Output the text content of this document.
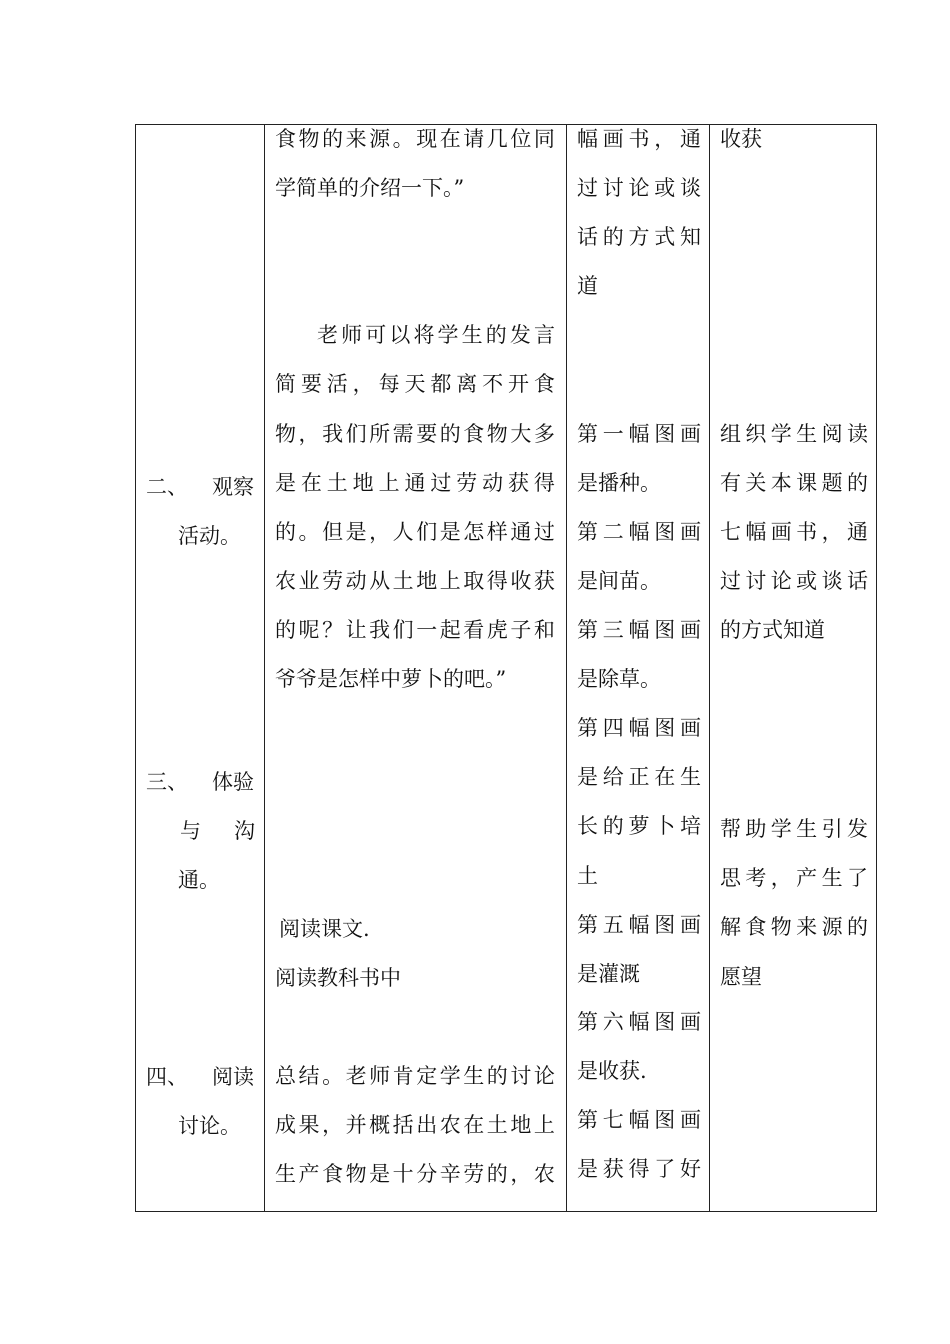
二、 观察
活动。
三、 体验
与 沟
通。
四、 阅读
讨论。
食 物 的 来 源 。 现 在 请 几 位 同
学简单的介绍一下。”
老 师 可 以 将 学 生 的 发 言
简 要 活 ， 每 天 都 离 不 开 食
物 ， 我 们 所 需 要 的 食 物 大 多
是 在 土 地 上 通 过 劳 动 获 得
的 。 但 是 ， 人 们 是 怎 样 通 过
农 业 劳 动 从 土 地 上 取 得 收 获
的 呢 ？ 让 我 们 一 起 看 虎 子 和
爷爷是怎样中萝卜的吧。”
阅读课文.
阅读教科书中
总 结 。 老 师 肯 定 学 生 的 讨 论
成 果 ， 并 概 括 出 农 在 土 地 上
生 产 食 物 是 十 分 辛 劳 的 ， 农
幅 画 书 ， 通
过 讨 论 或 谈
话 的 方 式 知
道
第 一 幅 图 画
是播种。
第 二 幅 图 画
是间苗。
第 三 幅 图 画
是除草。
第 四 幅 图 画
是 给 正 在 生
长 的 萝 卜 培
土
第 五 幅 图 画
是灌溉
第 六 幅 图 画
是收获.
第 七 幅 图 画
是 获 得 了 好
收获
组 织 学 生 阅 读
有 关 本 课 题 的
七 幅 画 书 ， 通
过 讨 论 或 谈 话
的方式知道
帮 助 学 生 引 发
思 考 ， 产 生 了
解 食 物 来 源 的
愿望
